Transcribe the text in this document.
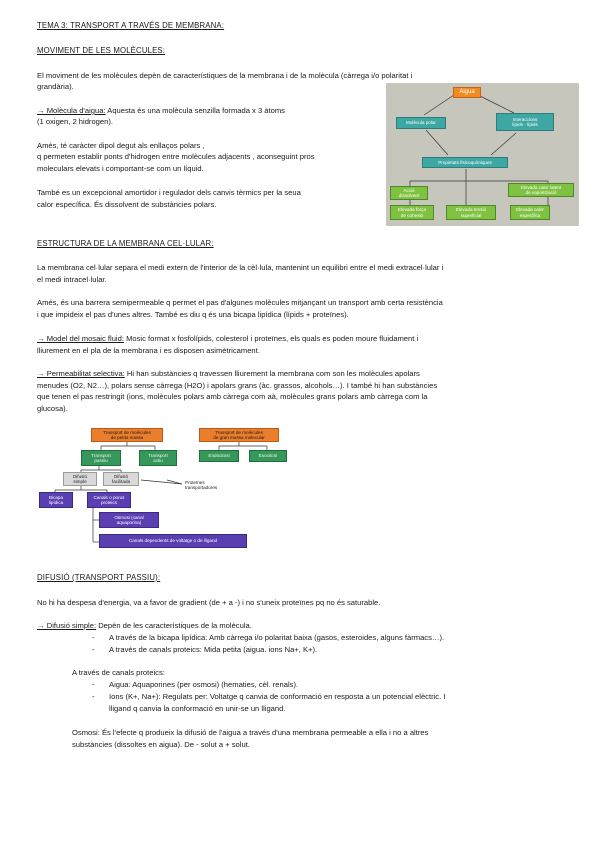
TEMA 3: TRANSPORT A TRAVÉS DE MEMBRANA:
MOVIMENT DE LES MOLÈCULES:
El moviment de les molècules depèn de característiques de la membrana i de la molècula (càrrega i/o polaritat i
grandària).
→ Molècula d'aigua: Aquesta és una molècula senzilla formada x 3 àtoms
(1 oxigen, 2 hidrogen).
Amés, té caràcter dipol degut als enllaços polars ,
q permeten establir ponts d'hidrogen entre molècules adjacents , aconseguint pros
moleculars elevats i comportant-se com un líquid.
També es un excepcional amortidor i regulador dels canvis tèrmics per la seua
calor específica. És dissolvent de substàncies polars.
Aigua
Molècula polar
Interaccions
lípids - lípids
Propietats fisicoquímiques
Acció
dissolvent
Elevada calor latent
de vaporització
Elevada força
de cohesió
Elevada tensió
superficial
Elevada calor
específica
ESTRUCTURA DE LA MEMBRANA CEL·LULAR:
La membrana cel·lular separa el medi extern de l'interior de la cèl·lula, mantenint un equilibri entre el medi extracel·lular i
el medi intracel·lular.
Amés, és una barrera semipermeable q permet el pas d'algunes molècules mitjançant un transport amb certa resistència
i que impideix el pas d'unes altres. També es diu q és una bicapa lipídica (lípids + proteïnes).
→ Model del mosaic fluid: Mosic format x fosfolípids, colesterol i proteïnes, els quals es poden moure fluidament i
lliurement en el pla de la membrana i es disposen asimètricament.
→ Permeabilitat selectiva: Hi han substàncies q travessen lliurement la membrana com son les molècules apolars
menudes (O2, N2…), polars sense càrrega (H2O) i apolars grans (àc. grassos, alcohols…). I també hi han substàncies
que tenen el pas restringit (ions, molècules polars amb càrrega com aà, molècules grans polars amb càrrega com la
glucosa).
Transport de molècules
de petita massa
Transport de molècules
de gran massa molecular
Transport
passiu
Transport
actiu
Endocitosi	Exocitosi
Difusió
simple
Difusió
facilitada	Proteïnes
transportadores
Bicapa
lipídica
Canals o porus
proteics
Osmosi (canal
aquaporina)
Canals dependents de voltatge o de lligand
DIFUSIÓ (TRANSPORT PASSIU):
No hi ha despesa d'energia, va a favor de gradient (de + a -) i no s'uneix proteïnes pq no és saturable.
→ Difusió simple: Depèn de les característiques de la molècula.
- A través de la bicapa lipídica: Amb càrrega i/o polaritat baixa (gasos, esteroides, alguns fàrmacs…).
- A través de canals proteics: Mida petita (aigua. ions Na+, K+).
A través de canals proteics:
- Aigua: Aquaporines (per osmosi) (hematies, cèl. renals).
- Ions (K+, Na+): Regulats per: Voltatge q canvia de conformació en resposta a un potencial elèctric. I
lligand q canvia la conformació en unir-se un lligand.
Osmosi: És l'efecte q produeix la difusió de l'aigua a través d'una membrana permeable a ella i no a altres
substàncies (dissoltes en aigua). De - solut a + solut.
